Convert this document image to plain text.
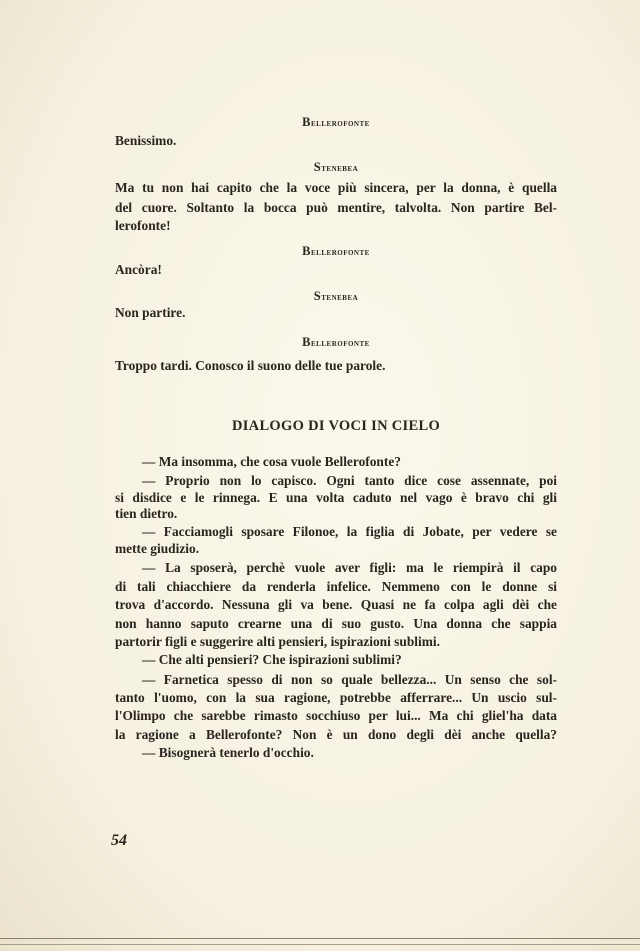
Bellerofonte
Benissimo.
Stenebea
Ma tu non hai capito che la voce più sincera, per la donna, è quella
del cuore. Soltanto la bocca può mentire, talvolta. Non partire Bel-
lerofonte!
Bellerofonte
Ancòra!
Stenebea
Non partire.
Bellerofonte
Troppo tardi. Conosco il suono delle tue parole.
DIALOGO DI VOCI IN CIELO
— Ma insomma, che cosa vuole Bellerofonte?
— Proprio non lo capisco. Ogni tanto dice cose assennate, poi
si disdice e le rinnega. E una volta caduto nel vago è bravo chi gli
tien dietro.
— Facciamogli sposare Filonoe, la figlia di Jobate, per vedere se
mette giudizio.
— La sposerà, perchè vuole aver figli: ma le riempirà il capo
di tali chiacchiere da renderla infelice. Nemmeno con le donne si
trova d'accordo. Nessuna gli va bene. Quasi ne fa colpa agli dèi che
non hanno saputo crearne una di suo gusto. Una donna che sappia
partorir figli e suggerire alti pensieri, ispirazioni sublimi.
— Che alti pensieri? Che ispirazioni sublimi?
— Farnetica spesso di non so quale bellezza... Un senso che sol-
tanto l'uomo, con la sua ragione, potrebbe afferrare... Un uscio sul-
l'Olimpo che sarebbe rimasto socchiuso per lui... Ma chi gliel'ha data
la ragione a Bellerofonte? Non è un dono degli dèi anche quella?
— Bisognerà tenerlo d'occhio.
54
